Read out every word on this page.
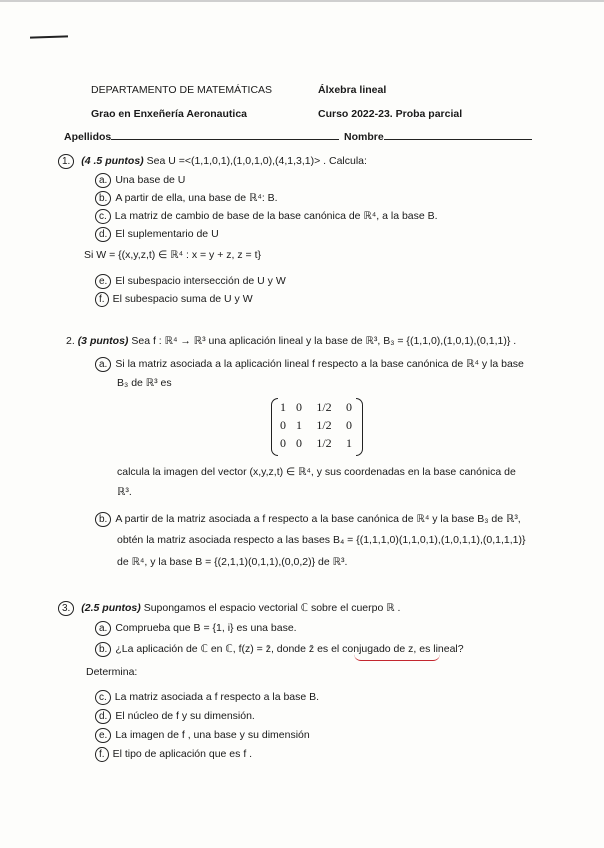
DEPARTAMENTO DE MATEMÁTICAS	Álxebra lineal
Grao en Enxeñería Aeronautica	Curso 2022-23. Proba parcial
Apellidos	Nombre
1. (4 .5 puntos) Sea U =<(1,1,0,1),(1,0,1,0),(4,1,3,1)> . Calcula:
a. Una base de U
b. A partir de ella, una base de ℝ⁴: B.
c. La matriz de cambio de base de la base canónica de ℝ⁴, a la base B.
d. El suplementario de U
Si W = {(x,y,z,t) ∈ ℝ⁴ : x = y + z, z = t}
e. El subespacio intersección de U y W
f. El subespacio suma de U y W
2. (3 puntos) Sea f : ℝ⁴ → ℝ³ una aplicación lineal y la base de ℝ³, B₃ = {(1,1,0),(1,0,1),(0,1,1)} .
a. Si la matriz asociada a la aplicación lineal f respecto a la base canónica de ℝ⁴ y la base
B₃ de ℝ³ es
1 0	1/2	0
0 1	1/2	0
0 0	1/2	1
calcula la imagen del vector (x,y,z,t) ∈ ℝ⁴, y sus coordenadas en la base canónica de
ℝ³.
b. A partir de la matriz asociada a f respecto a la base canónica de ℝ⁴ y la base B₃ de ℝ³,
obtén la matriz asociada respecto a las bases B₄ = {(1,1,1,0)(1,1,0,1),(1,0,1,1),(0,1,1,1)}
de ℝ⁴, y la base B = {(2,1,1)(0,1,1),(0,0,2)} de ℝ³.
3. (2.5 puntos) Supongamos el espacio vectorial ℂ sobre el cuerpo ℝ .
a. Comprueba que B = {1, i} es una base.
b. ¿La aplicación de ℂ en ℂ, f(z) = z̄, donde z̄ es el conjugado de z, es lineal?
Determina:
c. La matriz asociada a f respecto a la base B.
d. El núcleo de f y su dimensión.
e. La imagen de f , una base y su dimensión
f. El tipo de aplicación que es f .
